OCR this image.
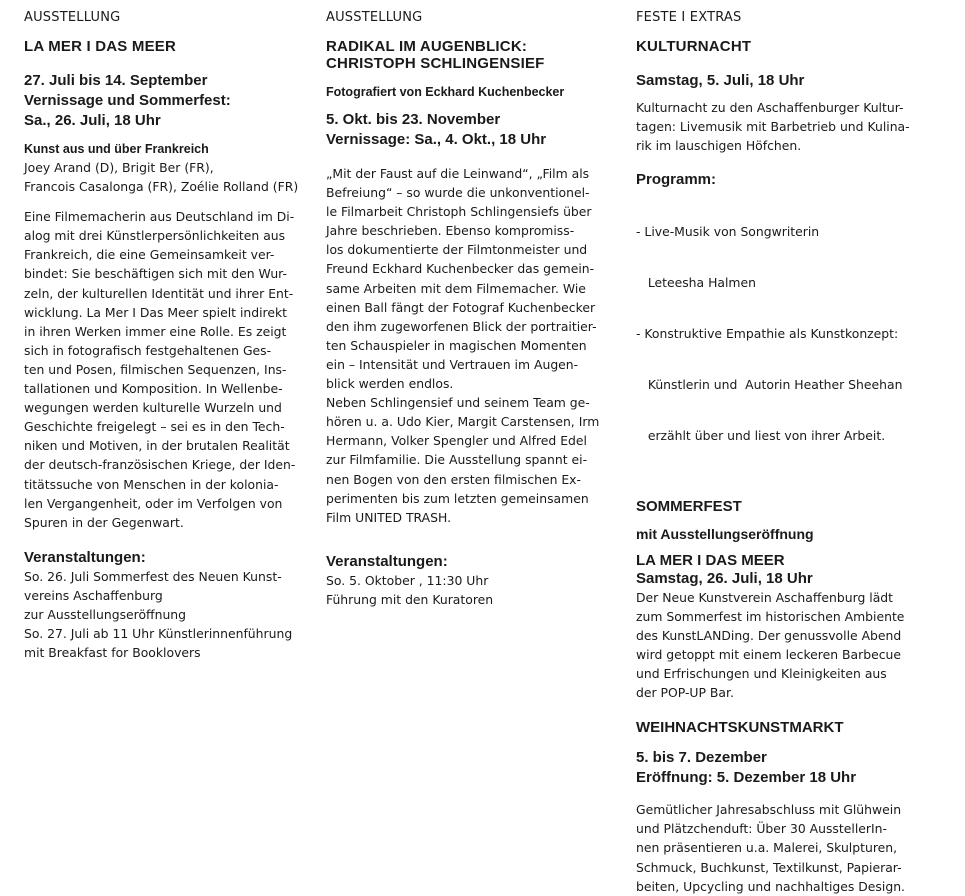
AUSSTELLUNG
LA MER I DAS MEER
27. Juli bis 14. September
Vernissage und Sommerfest:
Sa., 26. Juli, 18 Uhr
Kunst aus und über Frankreich
Joey Arand (D), Brigit Ber (FR),
Francois Casalonga (FR), Zoélie Rolland (FR)
Eine Filmemacherin aus Deutschland im Di-
alog mit drei Künstlerpersönlichkeiten aus
Frankreich, die eine Gemeinsamkeit ver-
bindet: Sie beschäftigen sich mit den Wur-
zeln, der kulturellen Identität und ihrer Ent-
wicklung. La Mer I Das Meer spielt indirekt
in ihren Werken immer eine Rolle. Es zeigt
sich in fotografisch festgehaltenen Ges-
ten und Posen, filmischen Sequenzen, Ins-
tallationen und Komposition. In Wellenbe-
wegungen werden kulturelle Wurzeln und
Geschichte freigelegt – sei es in den Tech-
niken und Motiven, in der brutalen Realität
der deutsch-französischen Kriege, der Iden-
titätssuche von Menschen in der kolonia-
len Vergangenheit, oder im Verfolgen von
Spuren in der Gegenwart.
Veranstaltungen:
So. 26. Juli Sommerfest des Neuen Kunst-
vereins Aschaffenburg
zur Ausstellungseröffnung
So. 27. Juli ab 11 Uhr Künstlerinnenführung
mit Breakfast for Booklovers
AUSSTELLUNG
RADIKAL IM AUGENBLICK:
CHRISTOPH SCHLINGENSIEF
Fotografiert von Eckhard Kuchenbecker
5. Okt. bis 23. November
Vernissage: Sa., 4. Okt., 18 Uhr
„Mit der Faust auf die Leinwand“, „Film als
Befreiung“ – so wurde die unkonventionel-
le Filmarbeit Christoph Schlingensiefs über
Jahre beschrieben. Ebenso kompromiss-
los dokumentierte der Filmtonmeister und
Freund Eckhard Kuchenbecker das gemein-
same Arbeiten mit dem Filmemacher. Wie
einen Ball fängt der Fotograf Kuchenbecker
den ihm zugeworfenen Blick der portraitier-
ten Schauspieler in magischen Momenten
ein – Intensität und Vertrauen im Augen-
blick werden endlos.
Neben Schlingensief und seinem Team ge-
hören u. a. Udo Kier, Margit Carstensen, Irm
Hermann, Volker Spengler und Alfred Edel
zur Filmfamilie. Die Ausstellung spannt ei-
nen Bogen von den ersten filmischen Ex-
perimenten bis zum letzten gemeinsamen
Film UNITED TRASH.
Veranstaltungen:
So. 5. Oktober , 11:30 Uhr
Führung mit den Kuratoren
FESTE I EXTRAS
KULTURNACHT
Samstag, 5. Juli, 18 Uhr
Kulturnacht zu den Aschaffenburger Kultur-
tagen: Livemusik mit Barbetrieb und Kulina-
rik im lauschigen Höfchen.
Programm:

- Live-Musik von Songwriterin

Leteesha Halmen

- Konstruktive Empathie als Kunstkonzept:

Künstlerin und  Autorin Heather Sheehan

erzählt über und liest von ihrer Arbeit.

SOMMERFEST
mit Ausstellungseröffnung
LA MER I DAS MEER
Samstag, 26. Juli, 18 Uhr
Der Neue Kunstverein Aschaffenburg lädt
zum Sommerfest im historischen Ambiente
des KunstLANDing. Der genussvolle Abend
wird getoppt mit einem leckeren Barbecue
und Erfrischungen und Kleinigkeiten aus
der POP-UP Bar.
WEIHNACHTSKUNSTMARKT
5. bis 7. Dezember
Eröffnung: 5. Dezember 18 Uhr
Gemütlicher Jahresabschluss mit Glühwein
und Plätzchenduft: Über 30 AusstellerIn-
nen präsentieren u.a. Malerei, Skulpturen,
Schmuck, Buchkunst, Textilkunst, Papierar-
beiten, Upcycling und nachhaltiges Design.
